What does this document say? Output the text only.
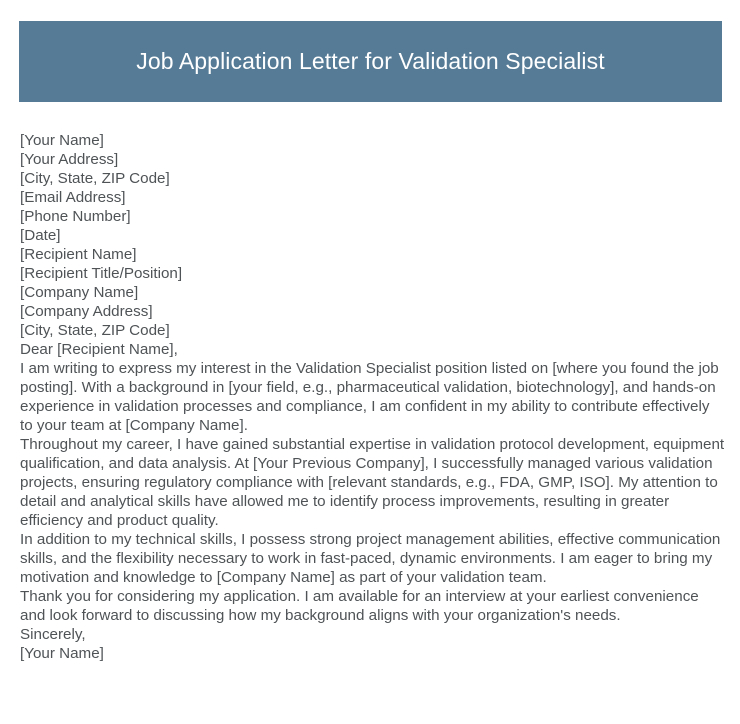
Job Application Letter for Validation Specialist

[Your Name]

[Your Address]

[City, State, ZIP Code]

[Email Address]

[Phone Number]

[Date]

[Recipient Name]

[Recipient Title/Position]

[Company Name]

[Company Address]

[City, State, ZIP Code]

Dear [Recipient Name],

I am writing to express my interest in the Validation Specialist position listed on [where you found the job posting]. With a background in [your field, e.g., pharmaceutical validation, biotechnology], and hands-on experience in validation processes and compliance, I am confident in my ability to contribute effectively to your team at [Company Name].

Throughout my career, I have gained substantial expertise in validation protocol development, equipment qualification, and data analysis. At [Your Previous Company], I successfully managed various validation projects, ensuring regulatory compliance with [relevant standards, e.g., FDA, GMP, ISO]. My attention to detail and analytical skills have allowed me to identify process improvements, resulting in greater efficiency and product quality.

In addition to my technical skills, I possess strong project management abilities, effective communication skills, and the flexibility necessary to work in fast-paced, dynamic environments. I am eager to bring my motivation and knowledge to [Company Name] as part of your validation team.

Thank you for considering my application. I am available for an interview at your earliest convenience and look forward to discussing how my background aligns with your organization's needs.

Sincerely,

[Your Name]
